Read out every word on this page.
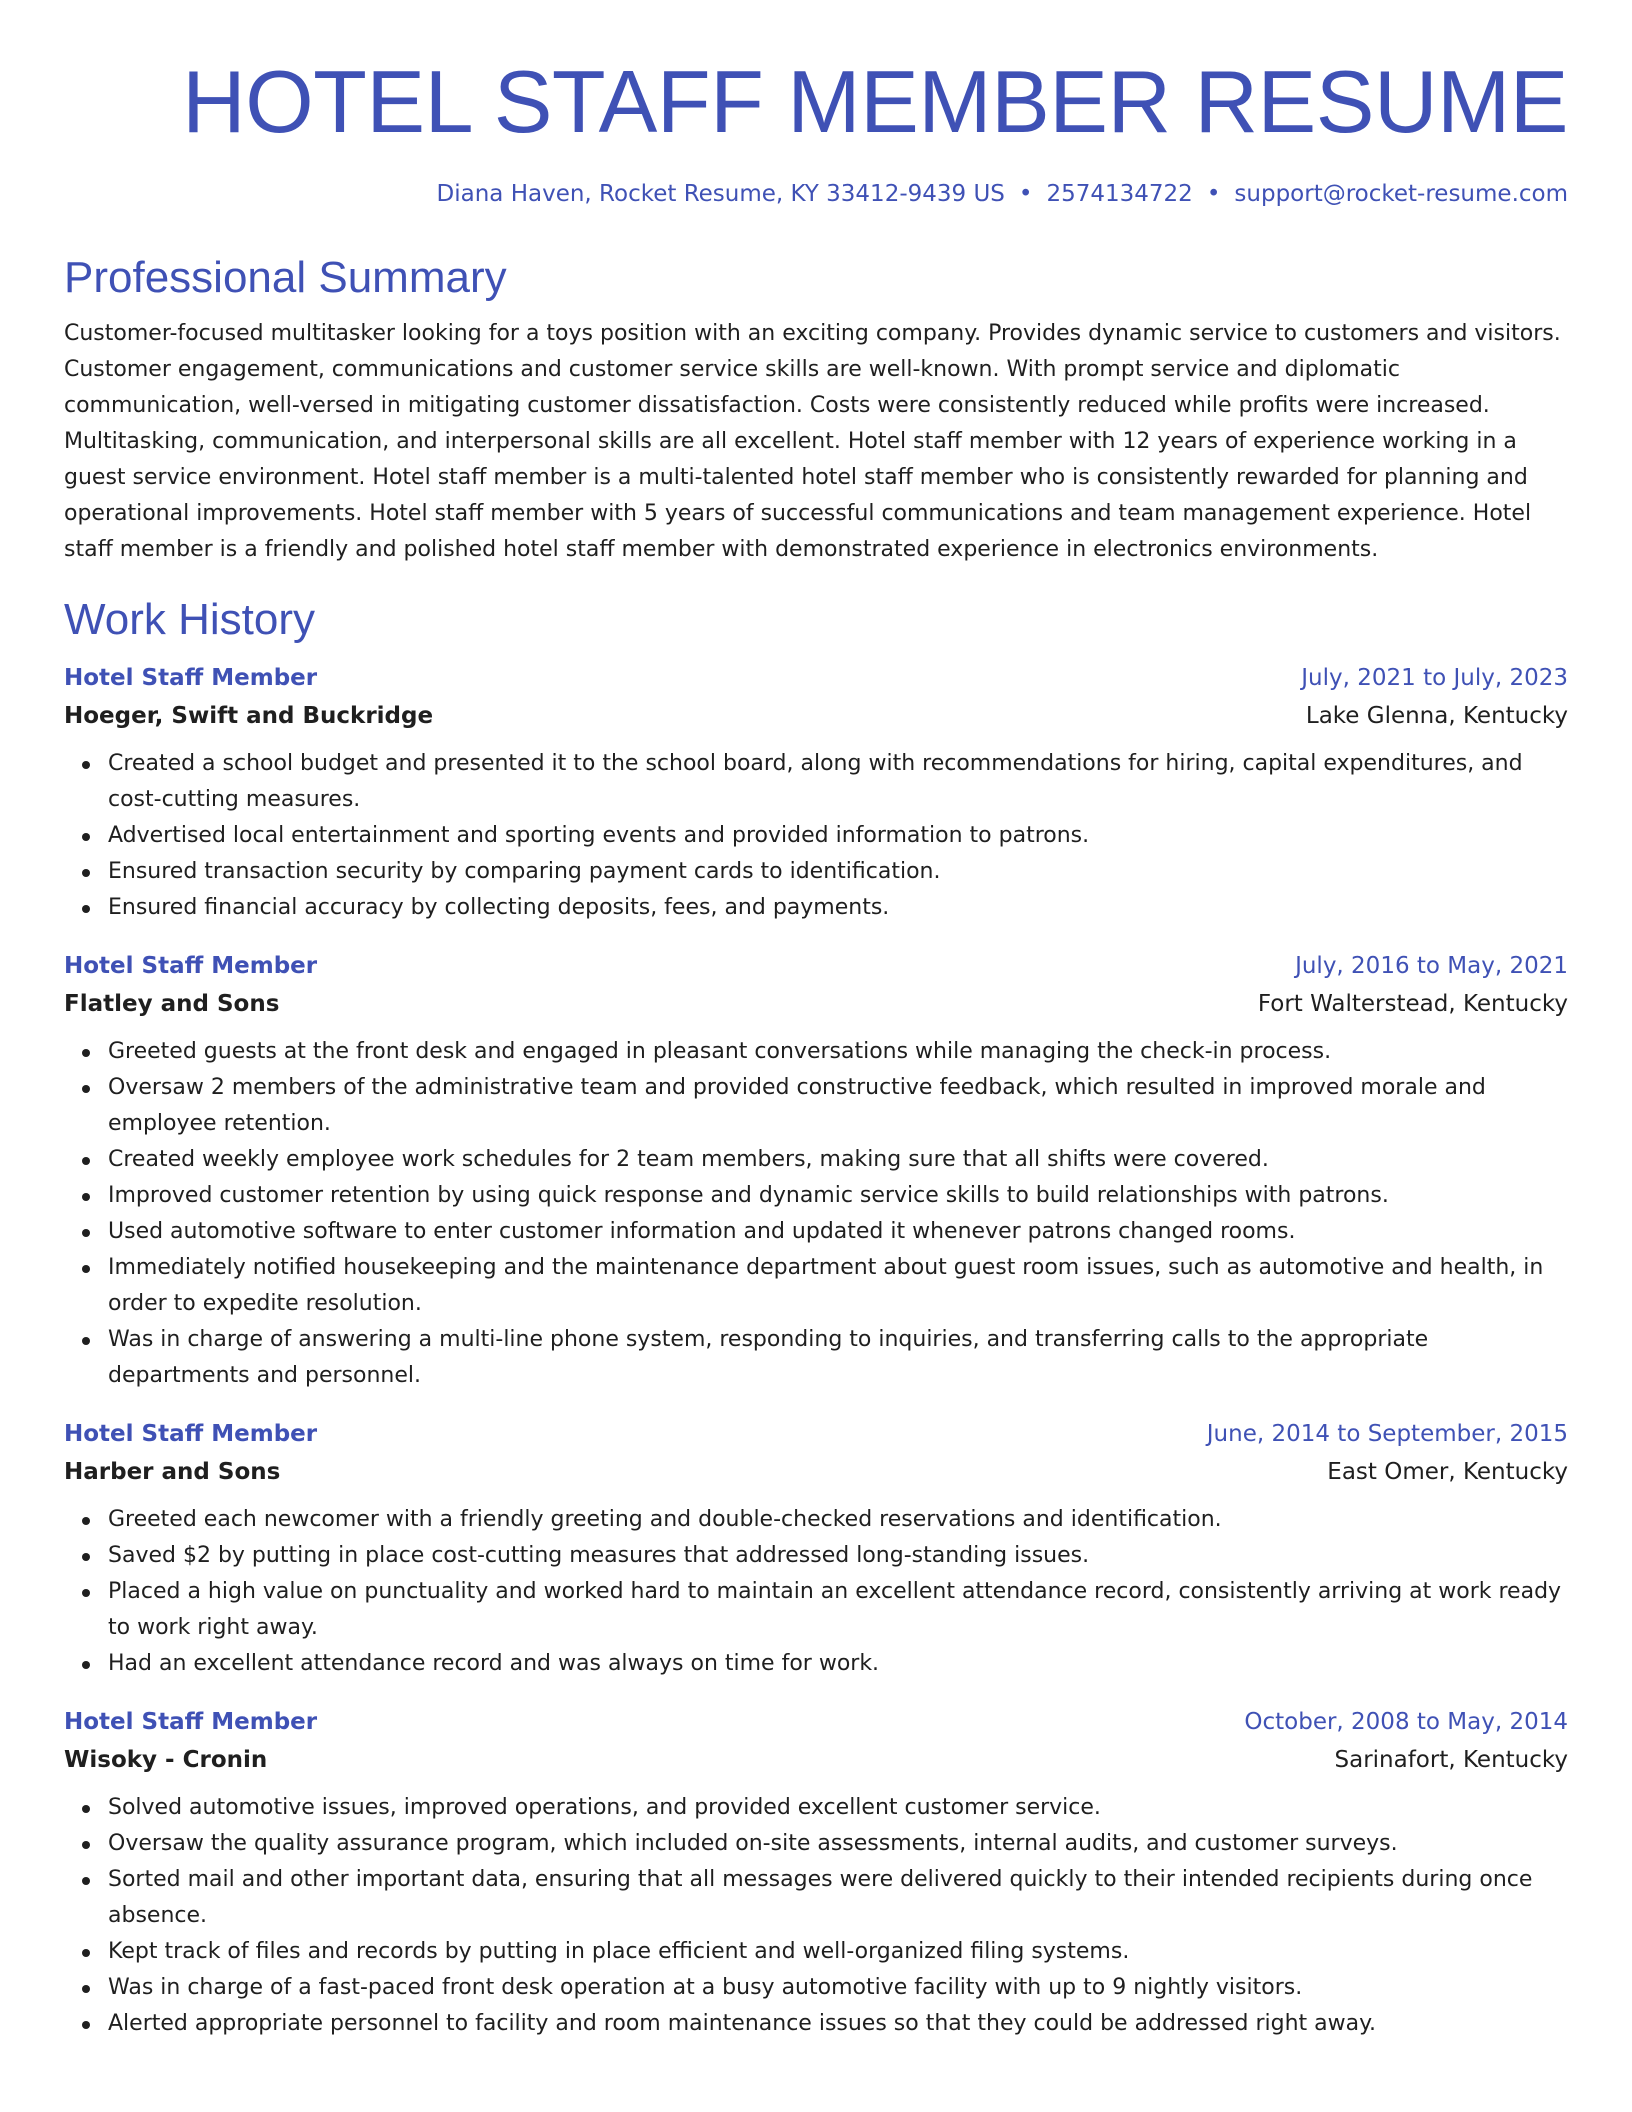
HOTEL STAFF MEMBER RESUME
Diana Haven, Rocket Resume, KY 33412-9439 US • 2574134722 • support@rocket-resume.com
Professional Summary
Customer-focused multitasker looking for a toys position with an exciting company. Provides dynamic service to customers and visitors. Customer engagement, communications and customer service skills are well-known. With prompt service and diplomatic communication, well-versed in mitigating customer dissatisfaction. Costs were consistently reduced while profits were increased. Multitasking, communication, and interpersonal skills are all excellent. Hotel staff member with 12 years of experience working in a guest service environment. Hotel staff member is a multi-talented hotel staff member who is consistently rewarded for planning and operational improvements. Hotel staff member with 5 years of successful communications and team management experience. Hotel staff member is a friendly and polished hotel staff member with demonstrated experience in electronics environments.
Work History
Hotel Staff Member	July, 2021 to July, 2023
Hoeger, Swift and Buckridge	Lake Glenna, Kentucky
Created a school budget and presented it to the school board, along with recommendations for hiring, capital expenditures, and cost-cutting measures.
Advertised local entertainment and sporting events and provided information to patrons.
Ensured transaction security by comparing payment cards to identification.
Ensured financial accuracy by collecting deposits, fees, and payments.
Hotel Staff Member	July, 2016 to May, 2021
Flatley and Sons	Fort Walterstead, Kentucky
Greeted guests at the front desk and engaged in pleasant conversations while managing the check-in process.
Oversaw 2 members of the administrative team and provided constructive feedback, which resulted in improved morale and employee retention.
Created weekly employee work schedules for 2 team members, making sure that all shifts were covered.
Improved customer retention by using quick response and dynamic service skills to build relationships with patrons.
Used automotive software to enter customer information and updated it whenever patrons changed rooms.
Immediately notified housekeeping and the maintenance department about guest room issues, such as automotive and health, in order to expedite resolution.
Was in charge of answering a multi-line phone system, responding to inquiries, and transferring calls to the appropriate departments and personnel.
Hotel Staff Member	June, 2014 to September, 2015
Harber and Sons	East Omer, Kentucky
Greeted each newcomer with a friendly greeting and double-checked reservations and identification.
Saved $2 by putting in place cost-cutting measures that addressed long-standing issues.
Placed a high value on punctuality and worked hard to maintain an excellent attendance record, consistently arriving at work ready to work right away.
Had an excellent attendance record and was always on time for work.
Hotel Staff Member	October, 2008 to May, 2014
Wisoky - Cronin	Sarinafort, Kentucky
Solved automotive issues, improved operations, and provided excellent customer service.
Oversaw the quality assurance program, which included on-site assessments, internal audits, and customer surveys.
Sorted mail and other important data, ensuring that all messages were delivered quickly to their intended recipients during once absence.
Kept track of files and records by putting in place efficient and well-organized filing systems.
Was in charge of a fast-paced front desk operation at a busy automotive facility with up to 9 nightly visitors.
Alerted appropriate personnel to facility and room maintenance issues so that they could be addressed right away.
